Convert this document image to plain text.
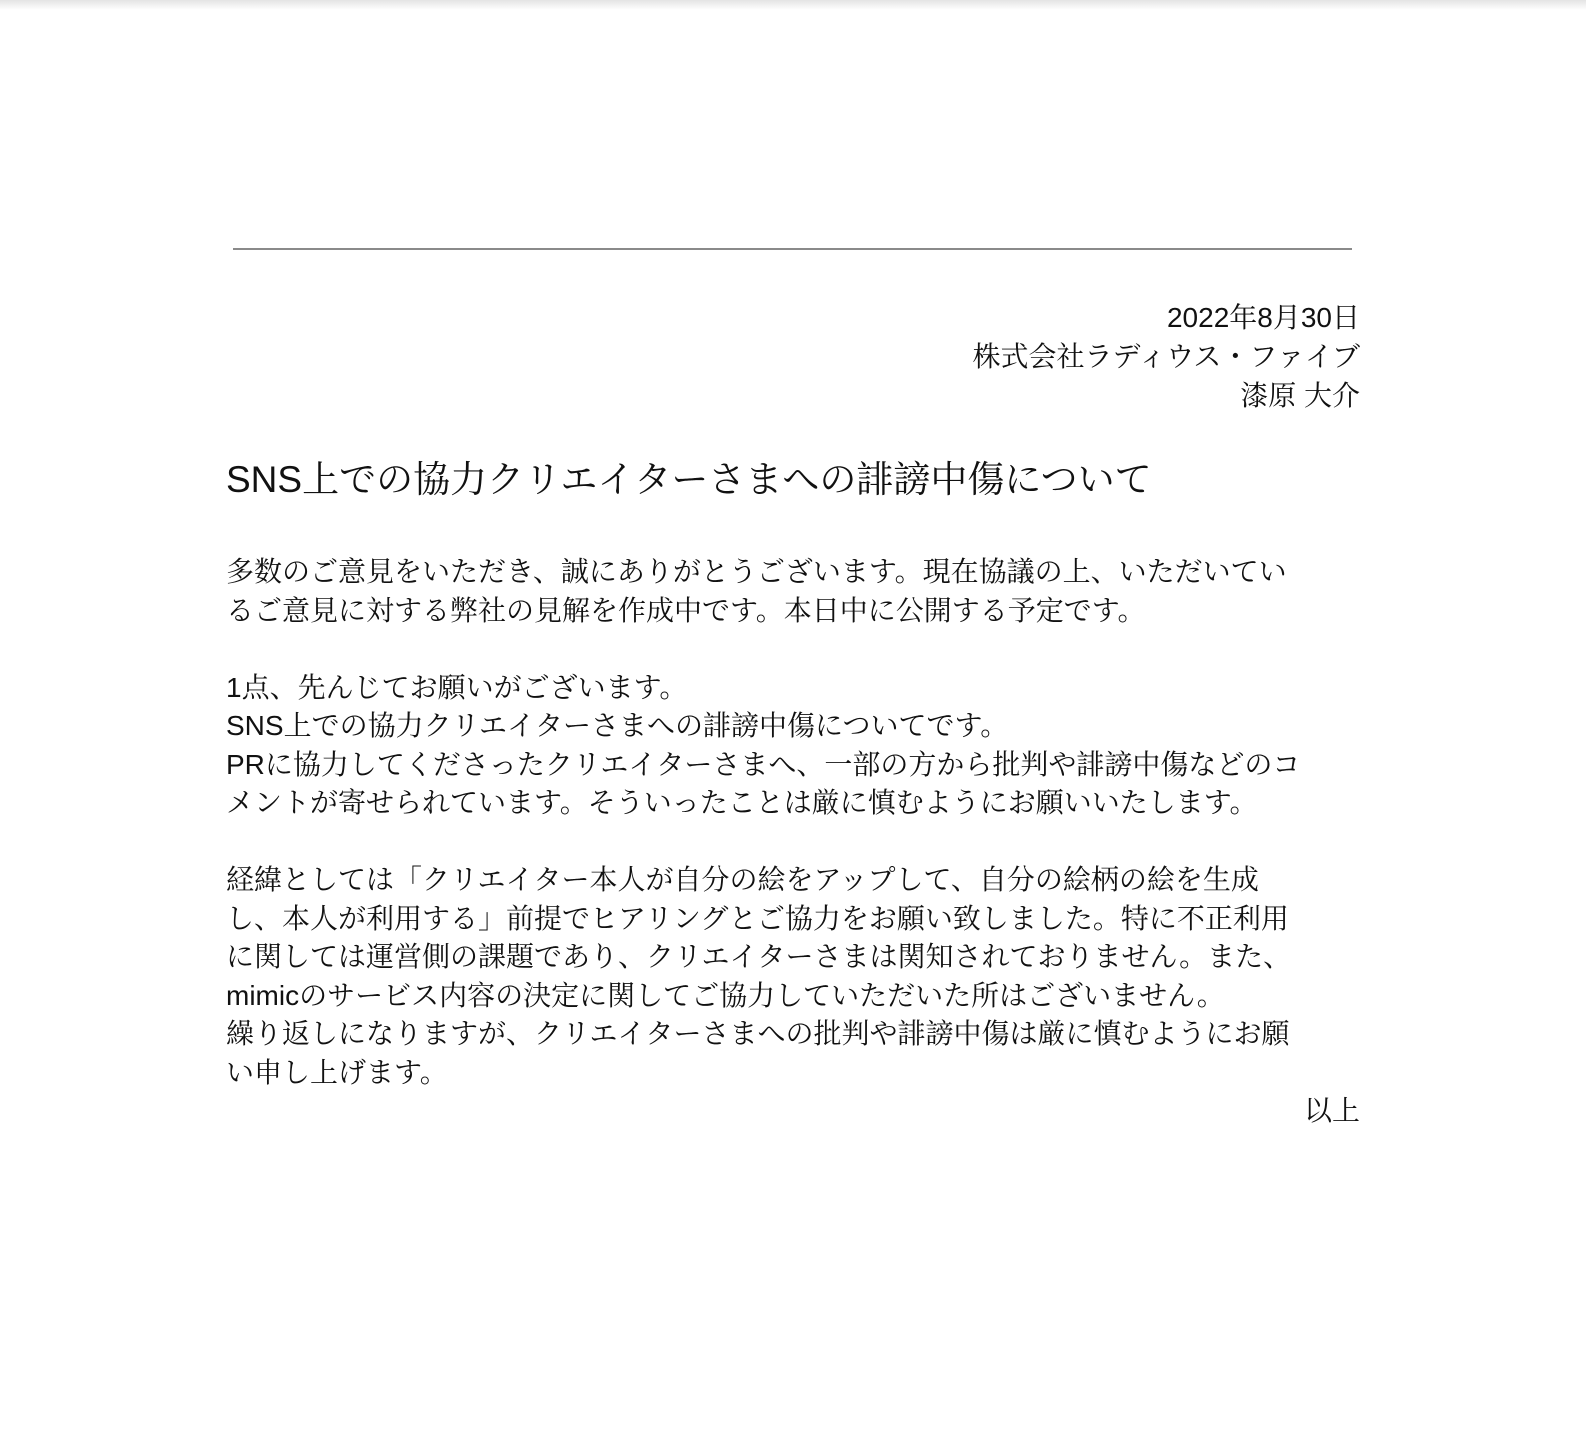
2022年8月30日
株式会社ラディウス・ファイブ
漆原 大介
SNS上での協力クリエイターさまへの誹謗中傷について

多数のご意見をいただき、誠にありがとうございます。現在協議の上、いただいてい

るご意見に対する弊社の見解を作成中です。本日中に公開する予定です。

1点、先んじてお願いがございます。

SNS上での協力クリエイターさまへの誹謗中傷についてです。

PRに協力してくださったクリエイターさまへ、一部の方から批判や誹謗中傷などのコ

メントが寄せられています。そういったことは厳に慎むようにお願いいたします。

経緯としては「クリエイター本人が自分の絵をアップして、自分の絵柄の絵を生成

し、本人が利用する」前提でヒアリングとご協力をお願い致しました。特に不正利用

に関しては運営側の課題であり、クリエイターさまは関知されておりません。また、

mimicのサービス内容の決定に関してご協力していただいた所はございません。

繰り返しになりますが、クリエイターさまへの批判や誹謗中傷は厳に慎むようにお願

い申し上げます。

以上
